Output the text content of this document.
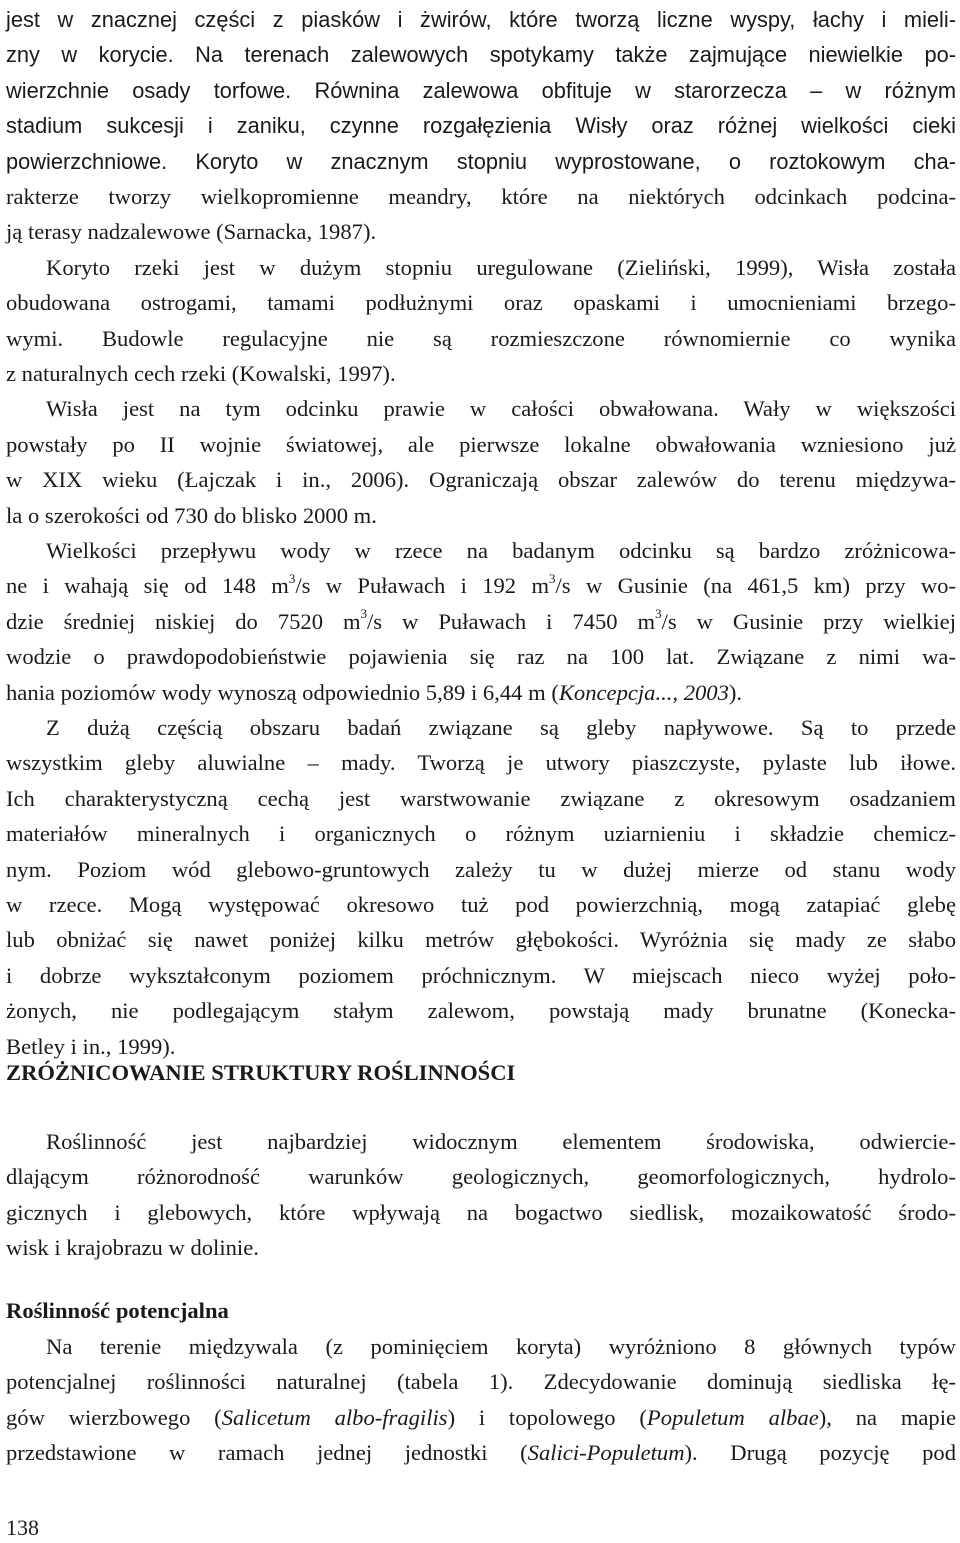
jest w znacznej części z piasków i żwirów, które tworzą liczne wyspy, łachy i mieli-
zny w korycie. Na terenach zalewowych spotykamy także zajmujące niewielkie po-
wierzchnie osady torfowe. Równina zalewowa obfituje w starorzecza – w różnym
stadium sukcesji i zaniku, czynne rozgałęzienia Wisły oraz różnej wielkości cieki
powierzchniowe. Koryto w znacznym stopniu wyprostowane, o roztokowym cha-
rakterze tworzy wielkopromienne meandry, które na niektórych odcinkach podcina-
ją terasy nadzalewowe (Sarnacka, 1987).
Koryto rzeki jest w dużym stopniu uregulowane (Zieliński, 1999), Wisła została
obudowana ostrogami, tamami podłużnymi oraz opaskami i umocnieniami brzego-
wymi. Budowle regulacyjne nie są rozmieszczone równomiernie co wynika
z naturalnych cech rzeki (Kowalski, 1997).
Wisła jest na tym odcinku prawie w całości obwałowana. Wały w większości
powstały po II wojnie światowej, ale pierwsze lokalne obwałowania wzniesiono już
w XIX wieku (Łajczak i in., 2006). Ograniczają obszar zalewów do terenu międzywa-
la o szerokości od 730 do blisko 2000 m.
Wielkości przepływu wody w rzece na badanym odcinku są bardzo zróżnicowa-
ne i wahają się od 148 $m^3/s$ w Puławach i 192 $m^3/s$ w Gusinie (na 461,5 km) przy wo-
dzie średniej niskiej do 7520 $m^3/s$ w Puławach i 7450 $m^3/s$ w Gusinie przy wielkiej
wodzie o prawdopodobieństwie pojawienia się raz na 100 lat. Związane z nimi wa-
hania poziomów wody wynoszą odpowiednio 5,89 i 6,44 m (Koncepcja..., 2003).
Z dużą częścią obszaru badań związane są gleby napływowe. Są to przede
wszystkim gleby aluwialne – mady. Tworzą je utwory piaszczyste, pylaste lub iłowe.
Ich charakterystyczną cechą jest warstwowanie związane z okresowym osadzaniem
materiałów mineralnych i organicznych o różnym uziarnieniu i składzie chemicz-
nym. Poziom wód glebowo-gruntowych zależy tu w dużej mierze od stanu wody
w rzece. Mogą występować okresowo tuż pod powierzchnią, mogą zatapiać glebę
lub obniżać się nawet poniżej kilku metrów głębokości. Wyróżnia się mady ze słabo
i dobrze wykształconym poziomem próchnicznym. W miejscach nieco wyżej poło-
żonych, nie podlegającym stałym zalewom, powstają mady brunatne (Konecka-
Betley i in., 1999).
ZRÓŻNICOWANIE STRUKTURY ROŚLINNOŚCI
Roślinność jest najbardziej widocznym elementem środowiska, odwiercie-
dlającym różnorodność warunków geologicznych, geomorfologicznych, hydrolo-
gicznych i glebowych, które wpływają na bogactwo siedlisk, mozaikowatość środo-
wisk i krajobrazu w dolinie.
Roślinność potencjalna
Na terenie międzywala (z pominięciem koryta) wyróżniono 8 głównych typów
potencjalnej roślinności naturalnej (tabela 1). Zdecydowanie dominują siedliska łę-
gów wierzbowego (Salicetum albo-fragilis) i topolowego (Populetum albae), na mapie
przedstawione w ramach jednej jednostki (Salici-Populetum). Drugą pozycję pod
138
